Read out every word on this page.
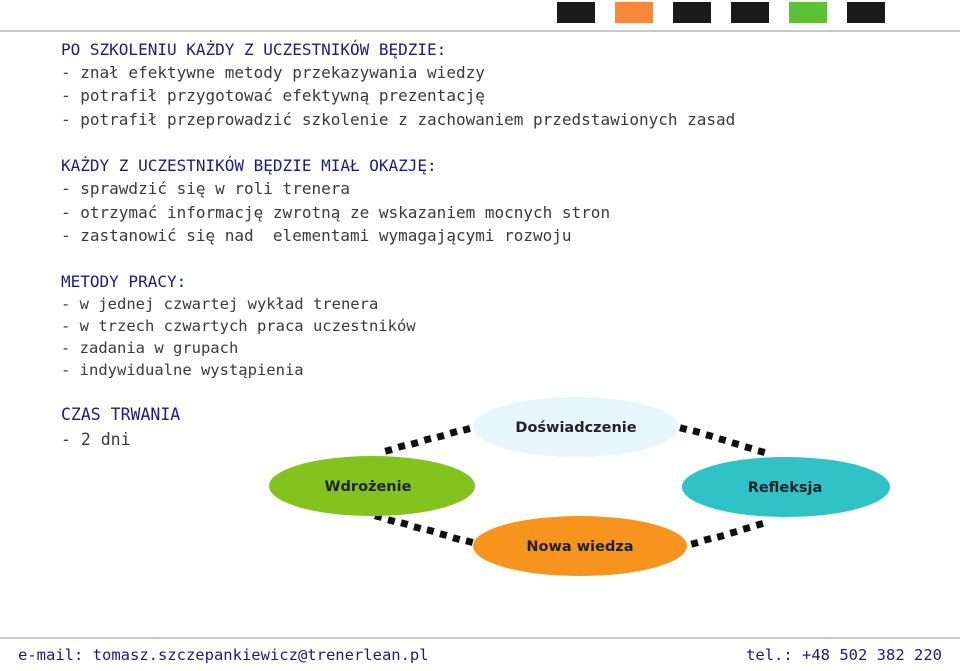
Doświadczenie
Wdrożenie	Refleksja
Nowa wiedza
PO SZKOLENIU KAŻDY Z UCZESTNIKÓW BĘDZIE:
- znał efektywne metody przekazywania wiedzy
- potrafił przygotować efektywną prezentację
- potrafił przeprowadzić szkolenie z zachowaniem przedstawionych zasad
KAŻDY Z UCZESTNIKÓW BĘDZIE MIAŁ OKAZJĘ:
- sprawdzić się w roli trenera
- otrzymać informację zwrotną ze wskazaniem mocnych stron
- zastanowić się nad  elementami wymagającymi rozwoju
METODY PRACY:
- w jednej czwartej wykład trenera
- w trzech czwartych praca uczestników
- zadania w grupach
- indywidualne wystąpienia
CZAS TRWANIA
- 2 dni
e-mail: tomasz.szczepankiewicz@trenerlean.pl	tel.: +48 502 382 220
